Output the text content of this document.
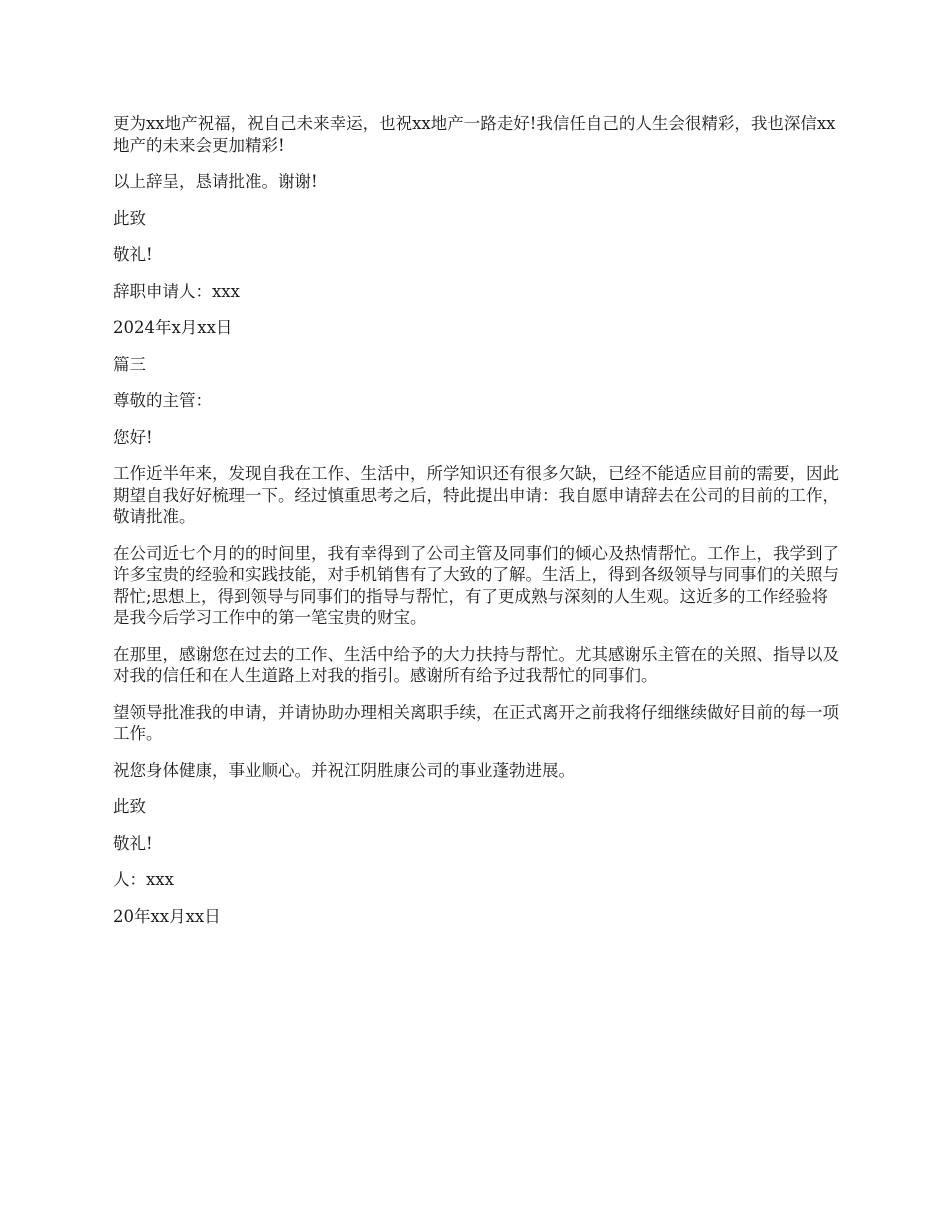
更为xx地产祝福，祝自己未来幸运，也祝xx地产一路走好!我信任自己的人生会很精彩，我也深信xx地产的未来会更加精彩!

以上辞呈，恳请批准。谢谢!

此致

敬礼!

辞职申请人：xxx

2024年x月xx日

篇三

尊敬的主管：

您好!

工作近半年来，发现自我在工作、生活中，所学知识还有很多欠缺，已经不能适应目前的需要，因此期望自我好好梳理一下。经过慎重思考之后，特此提出申请：我自愿申请辞去在公司的目前的工作，敬请批准。

在公司近七个月的的时间里，我有幸得到了公司主管及同事们的倾心及热情帮忙。工作上，我学到了许多宝贵的经验和实践技能，对手机销售有了大致的了解。生活上，得到各级领导与同事们的关照与帮忙;思想上，得到领导与同事们的指导与帮忙，有了更成熟与深刻的人生观。这近多的工作经验将是我今后学习工作中的第一笔宝贵的财宝。

在那里，感谢您在过去的工作、生活中给予的大力扶持与帮忙。尤其感谢乐主管在的关照、指导以及对我的信任和在人生道路上对我的指引。感谢所有给予过我帮忙的同事们。

望领导批准我的申请，并请协助办理相关离职手续，在正式离开之前我将仔细继续做好目前的每一项工作。

祝您身体健康，事业顺心。并祝江阴胜康公司的事业蓬勃进展。

此致

敬礼!

人：xxx

20年xx月xx日
